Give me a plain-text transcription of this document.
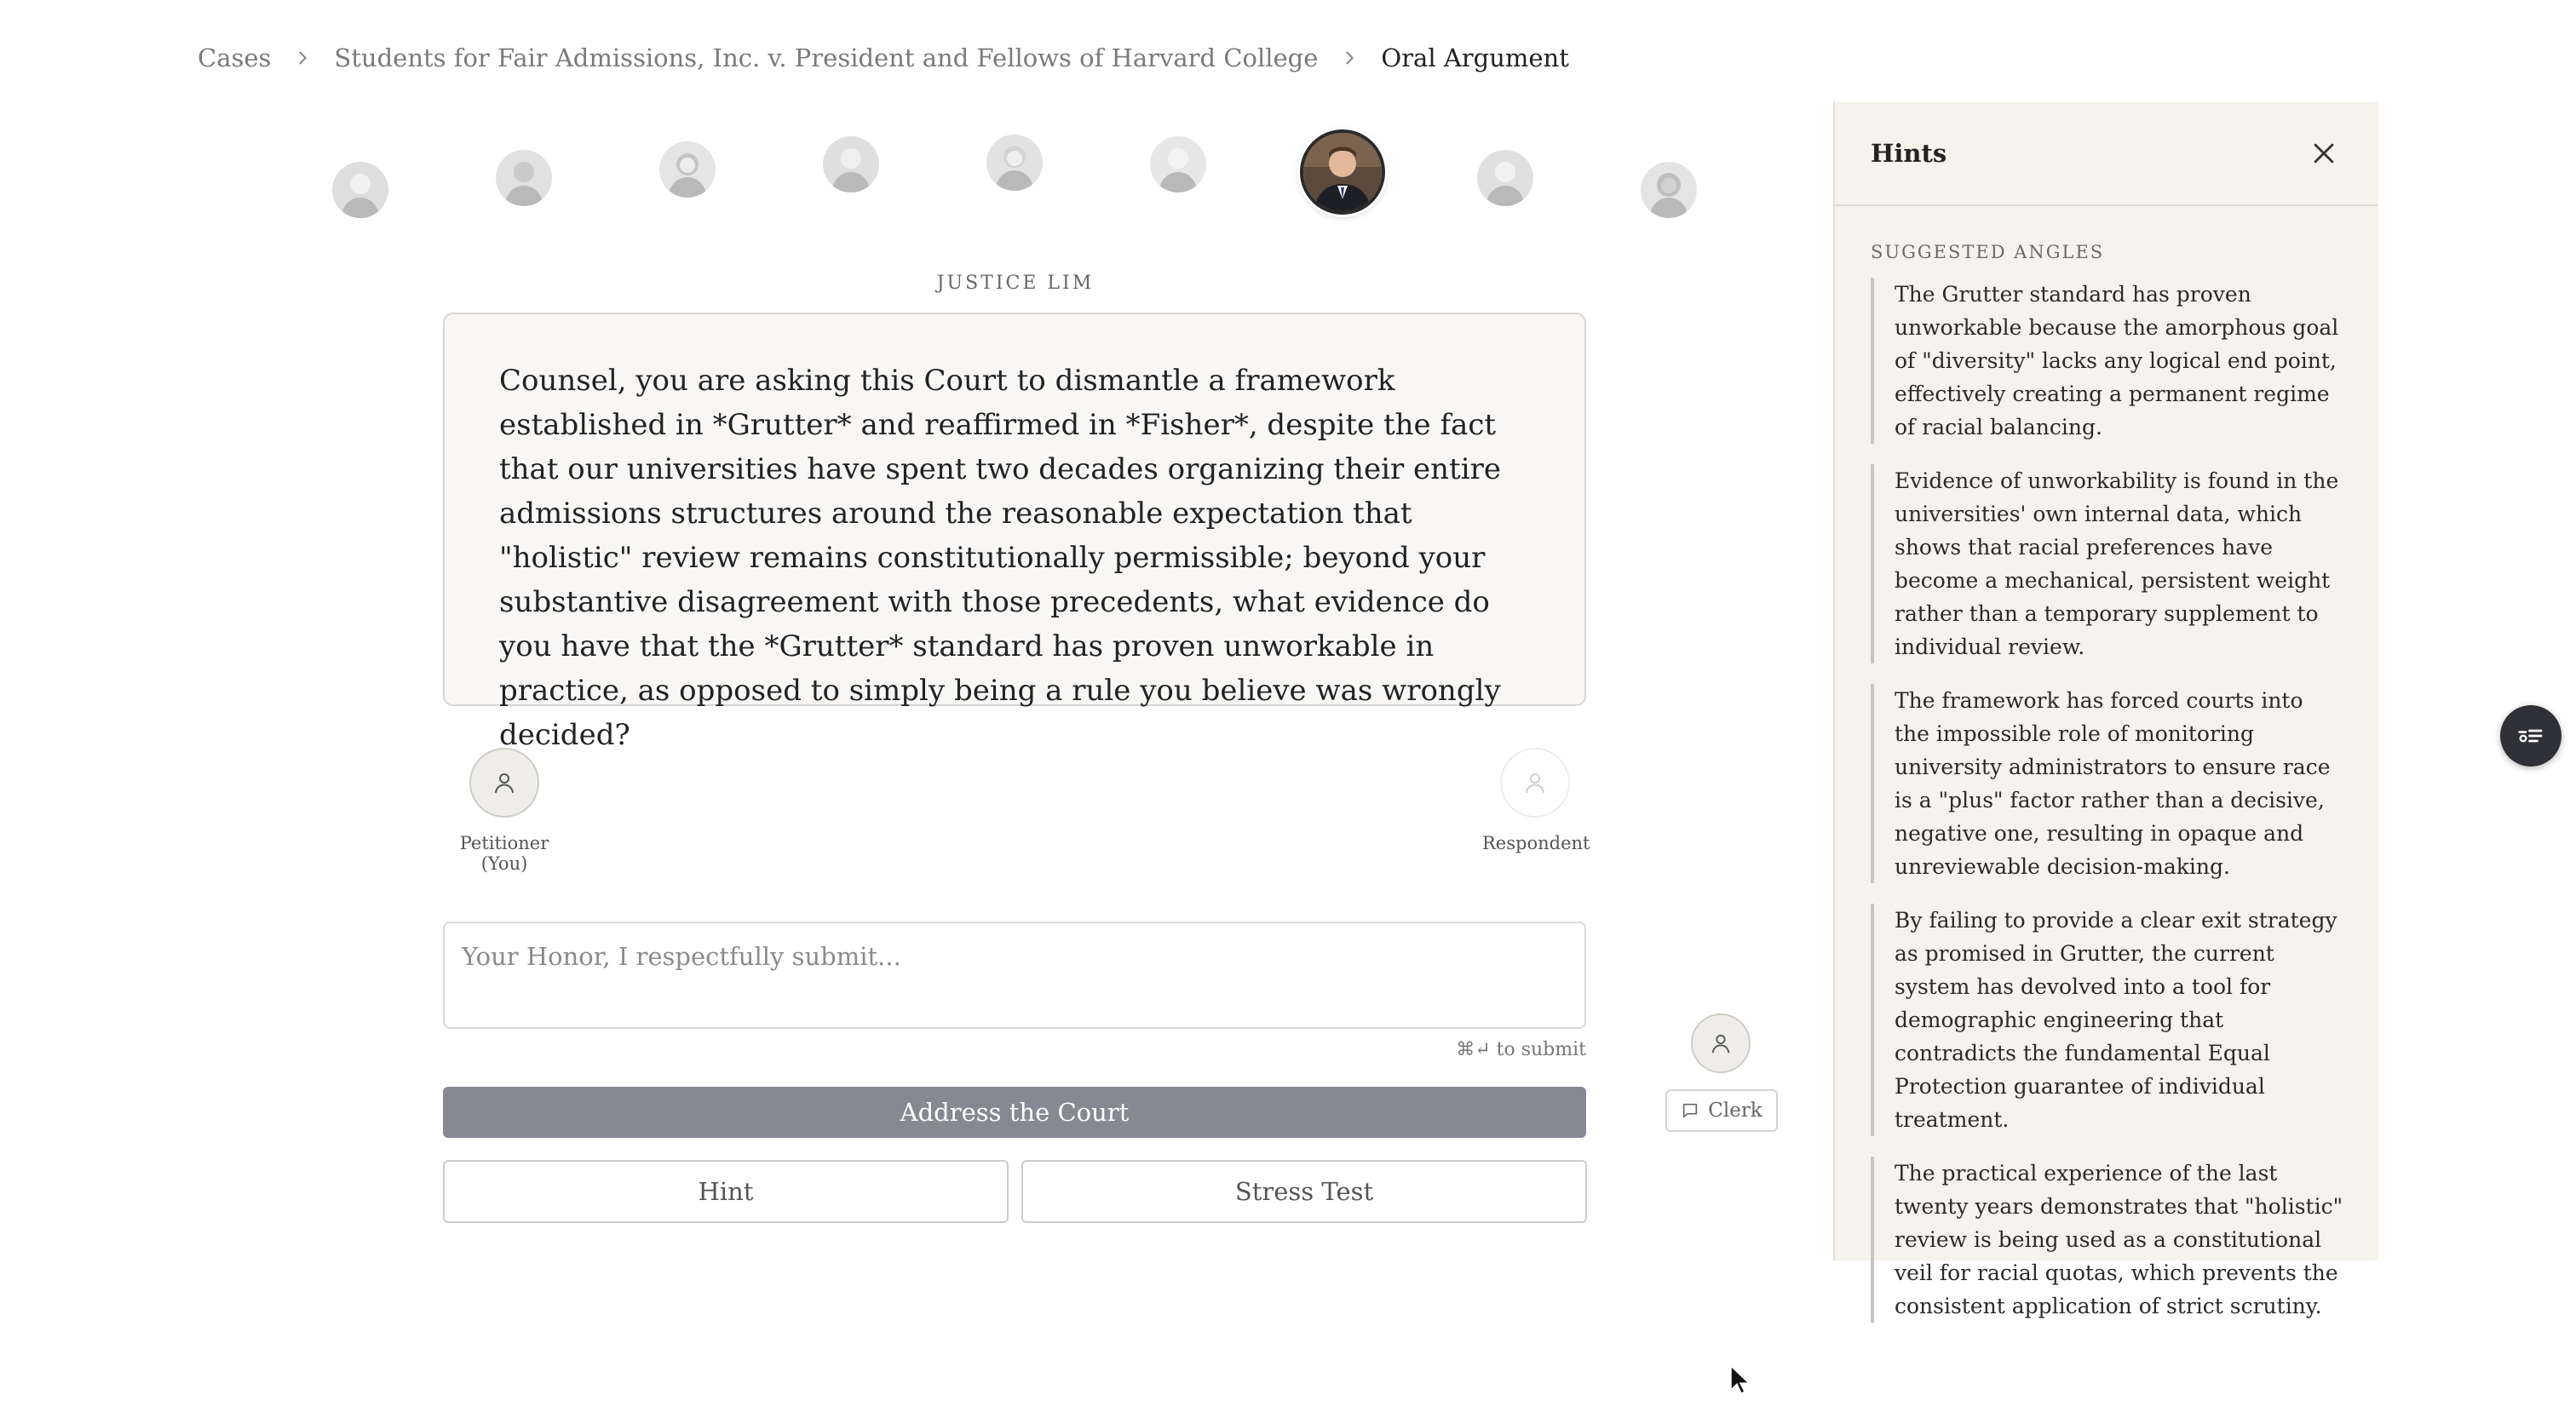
Cases	Students for Fair Admissions, Inc. v. President and Fellows of Harvard College	Oral Argument
JUSTICE LIM
Counsel, you are asking this Court to dismantle a framework established in *Grutter* and reaffirmed in *Fisher*, despite the fact that our universities have spent two decades organizing their entire admissions structures around the reasonable expectation that "holistic" review remains constitutionally permissible; beyond your substantive disagreement with those precedents, what evidence do you have that the *Grutter* standard has proven unworkable in practice, as opposed to simply being a rule you believe was wrongly decided?
Petitioner (You)
Respondent
Your Honor, I respectfully submit...
⌘↵ to submit
Address the Court
Hint	Stress Test
Clerk
Hints
SUGGESTED ANGLES
The Grutter standard has proven unworkable because the amorphous goal of "diversity" lacks any logical end point, effectively creating a permanent regime of racial balancing.
Evidence of unworkability is found in the universities' own internal data, which shows that racial preferences have become a mechanical, persistent weight rather than a temporary supplement to individual review.
The framework has forced courts into the impossible role of monitoring university administrators to ensure race is a "plus" factor rather than a decisive, negative one, resulting in opaque and unreviewable decision-making.
By failing to provide a clear exit strategy as promised in Grutter, the current system has devolved into a tool for demographic engineering that contradicts the fundamental Equal Protection guarantee of individual treatment.
The practical experience of the last twenty years demonstrates that "holistic" review is being used as a constitutional veil for racial quotas, which prevents the consistent application of strict scrutiny.
